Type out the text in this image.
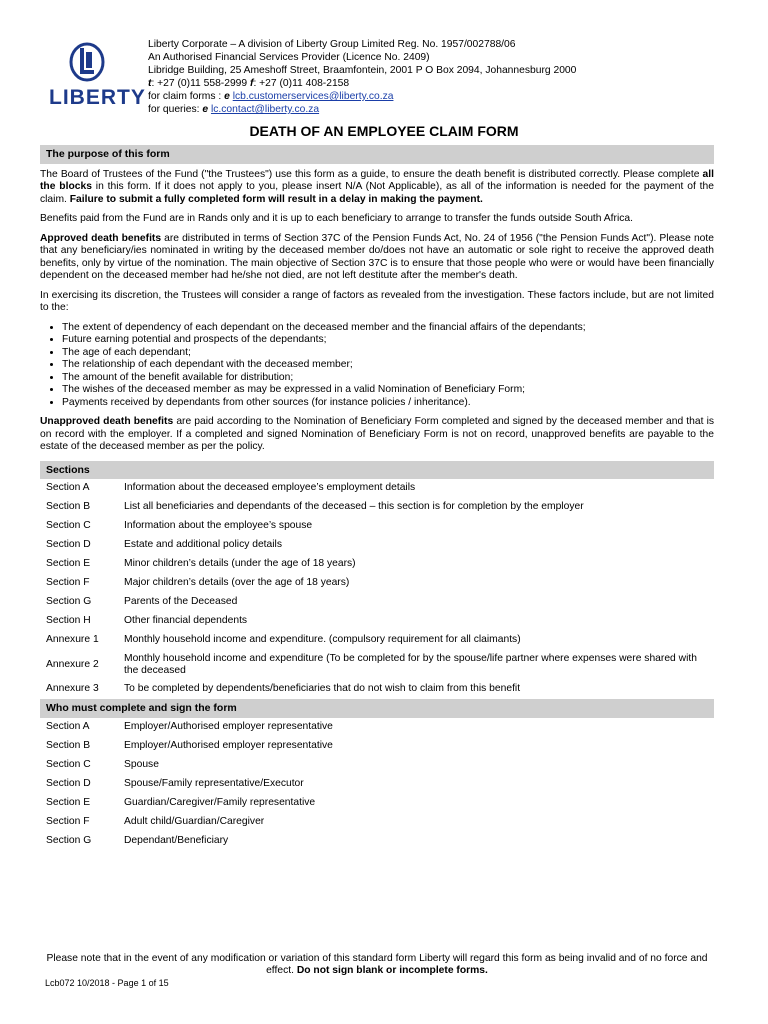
LIBERTY
Liberty Corporate – A division of Liberty Group Limited Reg. No. 1957/002788/06
An Authorised Financial Services Provider (Licence No. 2409)
Libridge Building, 25 Ameshoff Street, Braamfontein, 2001 P O Box 2094, Johannesburg 2000
t: +27 (0)11 558-2999 f: +27 (0)11 408-2158
for claim forms : e lcb.customerservices@liberty.co.za
for queries: e lc.contact@liberty.co.za
DEATH OF AN EMPLOYEE CLAIM FORM
The purpose of this form

The Board of Trustees of the Fund ("the Trustees") use this form as a guide, to ensure the death benefit is distributed correctly. Please complete all the blocks in this form. If it does not apply to you, please insert N/A (Not Applicable), as all of the information is needed for the payment of the claim. Failure to submit a fully completed form will result in a delay in making the payment.

Benefits paid from the Fund are in Rands only and it is up to each beneficiary to arrange to transfer the funds outside South Africa.

Approved death benefits are distributed in terms of Section 37C of the Pension Funds Act, No. 24 of 1956 ("the Pension Funds Act"). Please note that any beneficiary/ies nominated in writing by the deceased member do/does not have an automatic or sole right to receive the approved death benefits, only by virtue of the nomination. The main objective of Section 37C is to ensure that those people who were or would have been financially dependent on the deceased member had he/she not died, are not left destitute after the member's death.

In exercising its discretion, the Trustees will consider a range of factors as revealed from the investigation. These factors include, but are not limited to the:

• The extent of dependency of each dependant on the deceased member and the financial affairs of the dependants;
• Future earning potential and prospects of the dependants;
• The age of each dependant;
• The relationship of each dependant with the deceased member;
• The amount of the benefit available for distribution;
• The wishes of the deceased member as may be expressed in a valid Nomination of Beneficiary Form;
• Payments received by dependants from other sources (for instance policies / inheritance).

Unapproved death benefits are paid according to the Nomination of Beneficiary Form completed and signed by the deceased member and that is on record with the employer. If a completed and signed Nomination of Beneficiary Form is not on record, unapproved benefits are payable to the estate of the deceased member as per the policy.

Sections
Section A	Information about the deceased employee’s employment details
Section B	List all beneficiaries and dependants of the deceased – this section is for completion by the employer
Section C	Information about the employee’s spouse
Section D	Estate and additional policy details
Section E	Minor children’s details (under the age of 18 years)
Section F	Major children’s details (over the age of 18 years)
Section G	Parents of the Deceased
Section H	Other financial dependents
Annexure 1	Monthly household income and expenditure. (compulsory requirement for all claimants)
Annexure 2	Monthly household income and expenditure (To be completed for by the spouse/life partner where expenses were shared with the deceased
Annexure 3	To be completed by dependents/beneficiaries that do not wish to claim from this benefit
Who must complete and sign the form
Section A	Employer/Authorised employer representative
Section B	Employer/Authorised employer representative
Section C	Spouse
Section D	Spouse/Family representative/Executor
Section E	Guardian/Caregiver/Family representative
Section F	Adult child/Guardian/Caregiver
Section G	Dependant/Beneficiary
Please note that in the event of any modification or variation of this standard form Liberty will regard this form as being invalid and of no force and effect. Do not sign blank or incomplete forms.
Lcb072 10/2018 - Page 1 of 15
